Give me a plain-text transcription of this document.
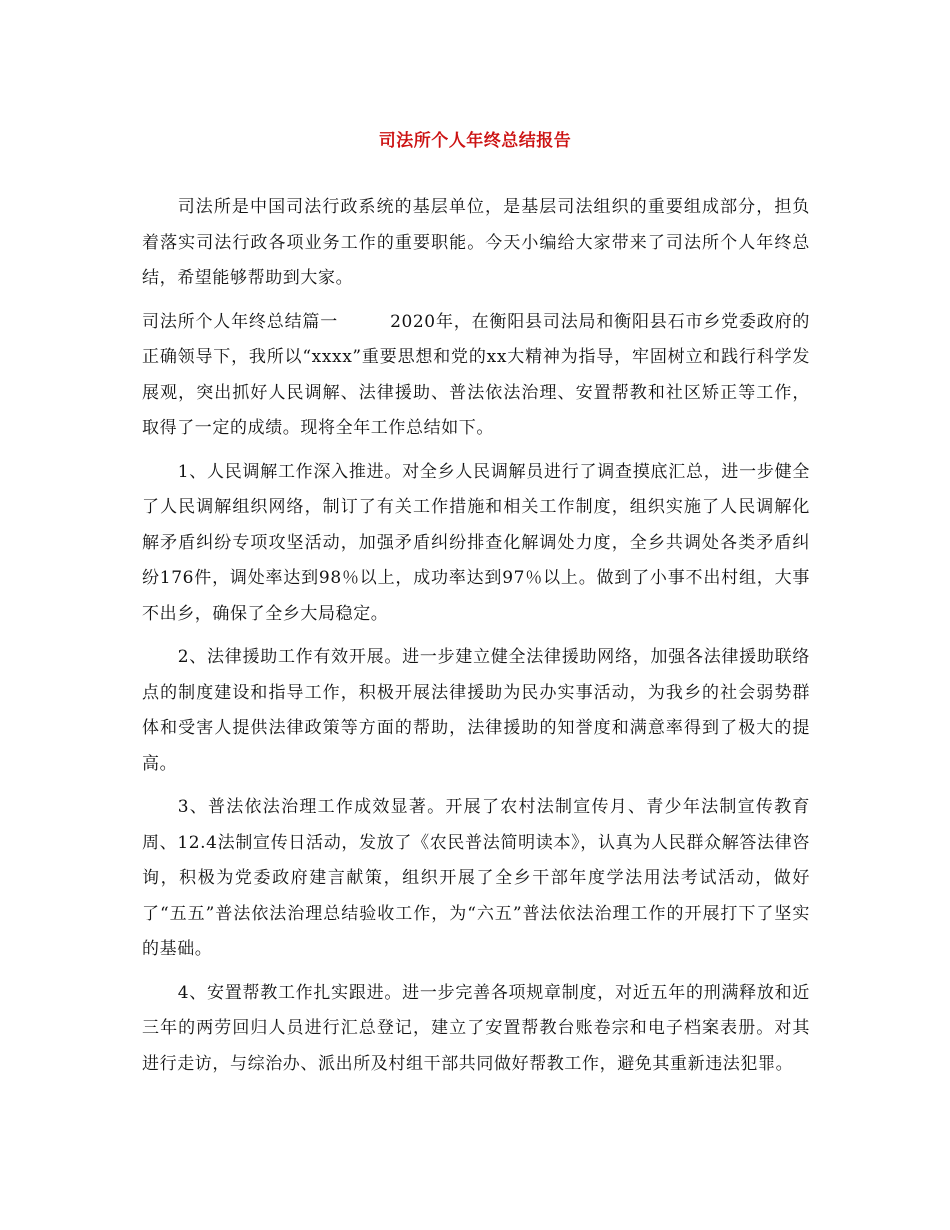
司法所个人年终总结报告

司法所是中国司法行政系统的基层单位，是基层司法组织的重要组成部分，担负着落实司法行政各项业务工作的重要职能。今天小编给大家带来了司法所个人年终总结，希望能够帮助到大家。

司法所个人年终总结篇一	2020年，在衡阳县司法局和衡阳县石市乡党委政府的正确领导下，我所以“xxxx”重要思想和党的xx大精神为指导，牢固树立和践行科学发展观，突出抓好人民调解、法律援助、普法依法治理、安置帮教和社区矫正等工作，取得了一定的成绩。现将全年工作总结如下。

1、人民调解工作深入推进。对全乡人民调解员进行了调查摸底汇总，进一步健全了人民调解组织网络，制订了有关工作措施和相关工作制度，组织实施了人民调解化解矛盾纠纷专项攻坚活动，加强矛盾纠纷排查化解调处力度，全乡共调处各类矛盾纠纷176件，调处率达到98％以上，成功率达到97％以上。做到了小事不出村组，大事不出乡，确保了全乡大局稳定。

2、法律援助工作有效开展。进一步建立健全法律援助网络，加强各法律援助联络点的制度建设和指导工作，积极开展法律援助为民办实事活动，为我乡的社会弱势群体和受害人提供法律政策等方面的帮助，法律援助的知誉度和满意率得到了极大的提高。

3、普法依法治理工作成效显著。开展了农村法制宣传月、青少年法制宣传教育周、12.4法制宣传日活动，发放了《农民普法简明读本》，认真为人民群众解答法律咨询，积极为党委政府建言献策，组织开展了全乡干部年度学法用法考试活动，做好了“五五”普法依法治理总结验收工作，为“六五”普法依法治理工作的开展打下了坚实的基础。

4、安置帮教工作扎实跟进。进一步完善各项规章制度，对近五年的刑满释放和近三年的两劳回归人员进行汇总登记，建立了安置帮教台账卷宗和电子档案表册。对其进行走访，与综治办、派出所及村组干部共同做好帮教工作，避免其重新违法犯罪。
